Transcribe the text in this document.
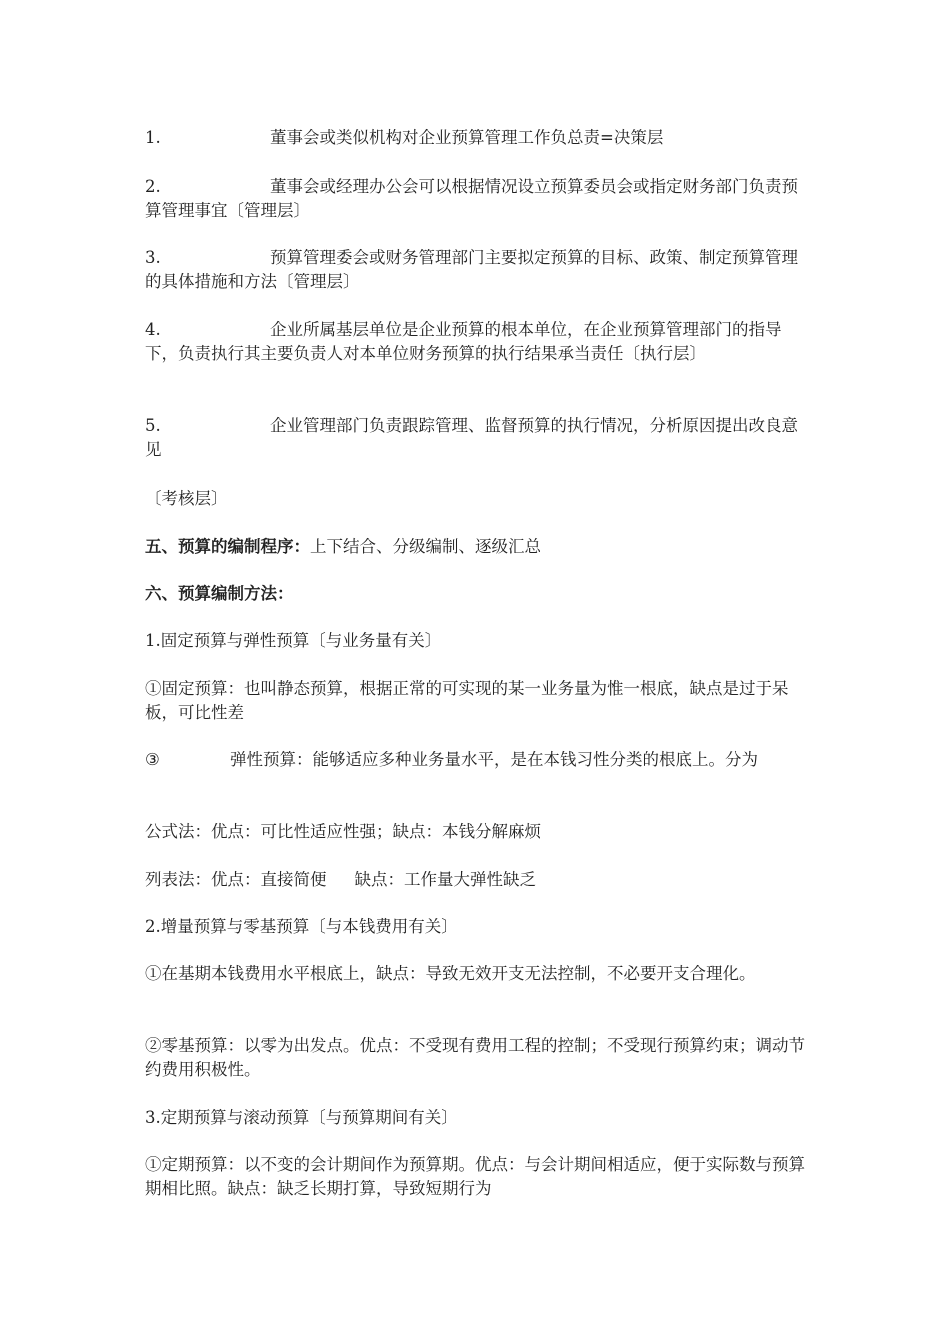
1.	董事会或类似机构对企业预算管理工作负总责=决策层

2.	董事会或经理办公会可以根据情况设立预算委员会或指定财务部门负责预算管理事宜〔管理层〕

3.	预算管理委会或财务管理部门主要拟定预算的目标、政策、制定预算管理的具体措施和方法〔管理层〕

4.	企业所属基层单位是企业预算的根本单位，在企业预算管理部门的指导下，负责执行其主要负责人对本单位财务预算的执行结果承当责任〔执行层〕

5.	企业管理部门负责跟踪管理、监督预算的执行情况，分析原因提出改良意见

〔考核层〕

五、预算的编制程序：上下结合、分级编制、逐级汇总

六、预算编制方法：

1.固定预算与弹性预算〔与业务量有关〕

①固定预算：也叫静态预算，根据正常的可实现的某一业务量为惟一根底，缺点是过于呆板，可比性差

③	弹性预算：能够适应多种业务量水平，是在本钱习性分类的根底上。分为

公式法：优点：可比性适应性强；缺点：本钱分解麻烦

列表法：优点：直接简便 缺点：工作量大弹性缺乏

2.增量预算与零基预算〔与本钱费用有关〕

①在基期本钱费用水平根底上，缺点：导致无效开支无法控制，不必要开支合理化。

②零基预算：以零为出发点。优点：不受现有费用工程的控制；不受现行预算约束；调动节约费用积极性。

3.定期预算与滚动预算〔与预算期间有关〕

①定期预算：以不变的会计期间作为预算期。优点：与会计期间相适应，便于实际数与预算期相比照。缺点：缺乏长期打算，导致短期行为
